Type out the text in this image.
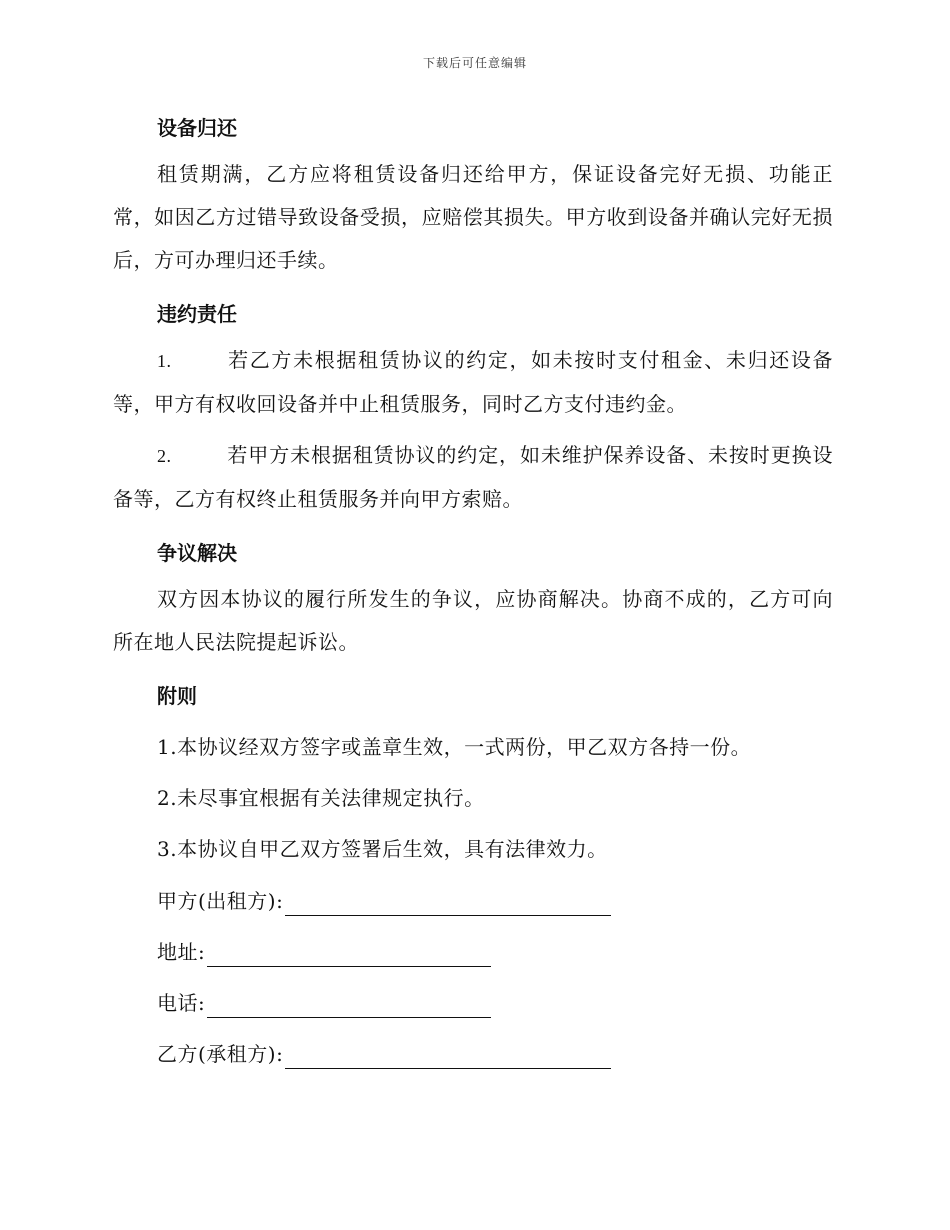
下载后可任意编辑
设备归还

租赁期满，乙方应将租赁设备归还给甲方，保证设备完好无损、功能正常，如因乙方过错导致设备受损，应赔偿其损失。甲方收到设备并确认完好无损后，方可办理归还手续。

违约责任

1.	若乙方未根据租赁协议的约定，如未按时支付租金、未归还设备等，甲方有权收回设备并中止租赁服务，同时乙方支付违约金。

2.	若甲方未根据租赁协议的约定，如未维护保养设备、未按时更换设备等，乙方有权终止租赁服务并向甲方索赔。

争议解决

双方因本协议的履行所发生的争议，应协商解决。协商不成的，乙方可向所在地人民法院提起诉讼。

附则

1.本协议经双方签字或盖章生效，一式两份，甲乙双方各持一份。

2.未尽事宜根据有关法律规定执行。

3.本协议自甲乙双方签署后生效，具有法律效力。

甲方(出租方):
地址:
电话:
乙方(承租方):
